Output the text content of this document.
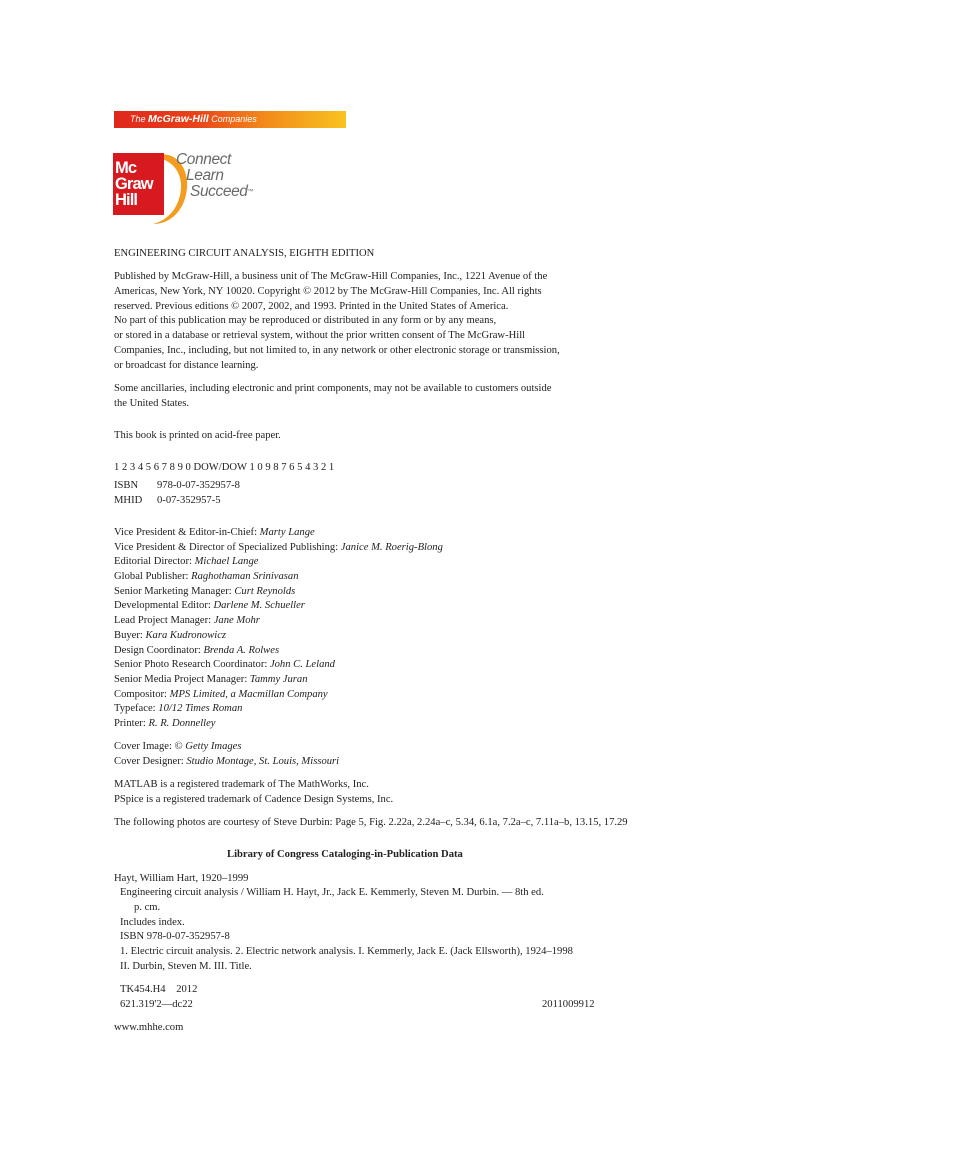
The McGraw-Hill Companies
Mc
Graw
Hill
Connect
Learn
Succeed™

ENGINEERING CIRCUIT ANALYSIS, EIGHTH EDITION

Published by McGraw-Hill, a business unit of The McGraw-Hill Companies, Inc., 1221 Avenue of the

Americas, New York, NY 10020. Copyright © 2012 by The McGraw-Hill Companies, Inc. All rights

reserved. Previous editions © 2007, 2002, and 1993. Printed in the United States of America.

No part of this publication may be reproduced or distributed in any form or by any means,

or stored in a database or retrieval system, without the prior written consent of The McGraw-Hill

Companies, Inc., including, but not limited to, in any network or other electronic storage or transmission,

or broadcast for distance learning.

Some ancillaries, including electronic and print components, may not be available to customers outside

the United States.

This book is printed on acid-free paper.

1 2 3 4 5 6 7 8 9 0 DOW/DOW 1 0 9 8 7 6 5 4 3 2 1

ISBN	978-0-07-352957-8
MHID	0-07-352957-5

Vice President & Editor-in-Chief: Marty Lange

Vice President & Director of Specialized Publishing: Janice M. Roerig-Blong

Editorial Director: Michael Lange

Global Publisher: Raghothaman Srinivasan

Senior Marketing Manager: Curt Reynolds

Developmental Editor: Darlene M. Schueller

Lead Project Manager: Jane Mohr

Buyer: Kara Kudronowicz

Design Coordinator: Brenda A. Rolwes

Senior Photo Research Coordinator: John C. Leland

Senior Media Project Manager: Tammy Juran

Compositor: MPS Limited, a Macmillan Company

Typeface: 10/12 Times Roman

Printer: R. R. Donnelley

Cover Image: © Getty Images

Cover Designer: Studio Montage, St. Louis, Missouri

MATLAB is a registered trademark of The MathWorks, Inc.

PSpice is a registered trademark of Cadence Design Systems, Inc.

The following photos are courtesy of Steve Durbin: Page 5, Fig. 2.22a, 2.24a–c, 5.34, 6.1a, 7.2a–c, 7.11a–b, 13.15, 17.29

Library of Congress Cataloging-in-Publication Data

Hayt, William Hart, 1920–1999

Engineering circuit analysis / William H. Hayt, Jr., Jack E. Kemmerly, Steven M. Durbin. — 8th ed.

p. cm.

Includes index.

ISBN 978-0-07-352957-8

1. Electric circuit analysis. 2. Electric network analysis. I. Kemmerly, Jack E. (Jack Ellsworth), 1924–1998

II. Durbin, Steven M. III. Title.

TK454.H4    2012

621.319'2—dc22	2011009912

www.mhhe.com
